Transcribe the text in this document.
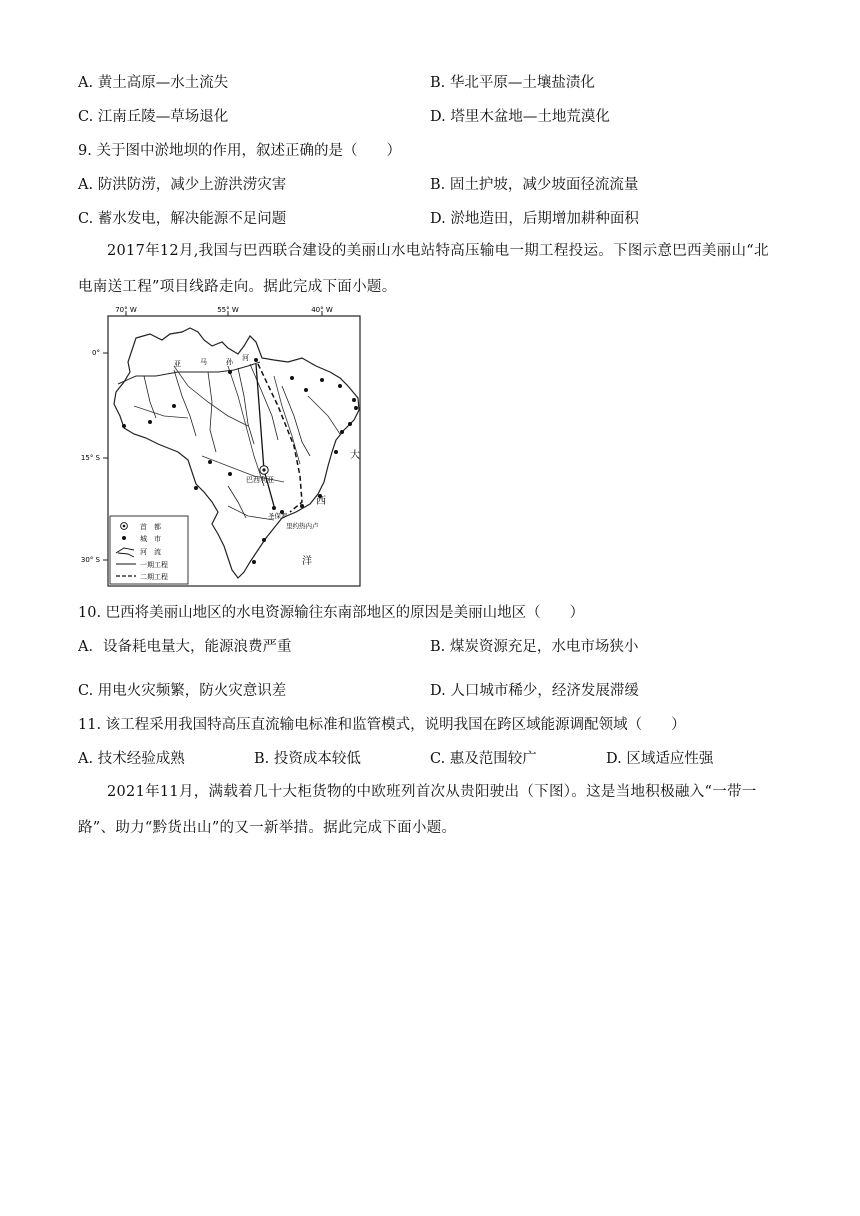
A. 黄土高原—水土流失	B. 华北平原—土壤盐渍化
C. 江南丘陵—草场退化	D. 塔里木盆地—土地荒漠化
9. 关于图中淤地坝的作用，叙述正确的是（　　）
A. 防洪防涝，减少上游洪涝灾害	B. 固土护坡，减少坡面径流流量
C. 蓄水发电，解决能源不足问题	D. 淤地造田，后期增加耕种面积
2017年12月,我国与巴西联合建设的美丽山水电站特高压输电一期工程投运。下图示意巴西美丽山“北电南送工程”项目线路走向。据此完成下面小题。
70° W	55° W	40° W
0°
15° S
30° S
亚	马	孙 河
巴西利亚
圣保罗
里约热内卢
大
西
洋
首　都
城　市
河　流
一期工程
二期工程
10. 巴西将美丽山地区的水电资源输往东南部地区的原因是美丽山地区（　　）
A．设备耗电量大，能源浪费严重	B. 煤炭资源充足，水电市场狭小
C. 用电火灾频繁，防火灾意识差	D. 人口城市稀少，经济发展滞缓
11. 该工程采用我国特高压直流输电标准和监管模式，说明我国在跨区域能源调配领域（　　）
A. 技术经验成熟	B. 投资成本较低	C. 惠及范围较广	D. 区域适应性强
2021年11月，满载着几十大柜货物的中欧班列首次从贵阳驶出（下图）。这是当地积极融入“一带一路”、助力“黔货出山”的又一新举措。据此完成下面小题。
